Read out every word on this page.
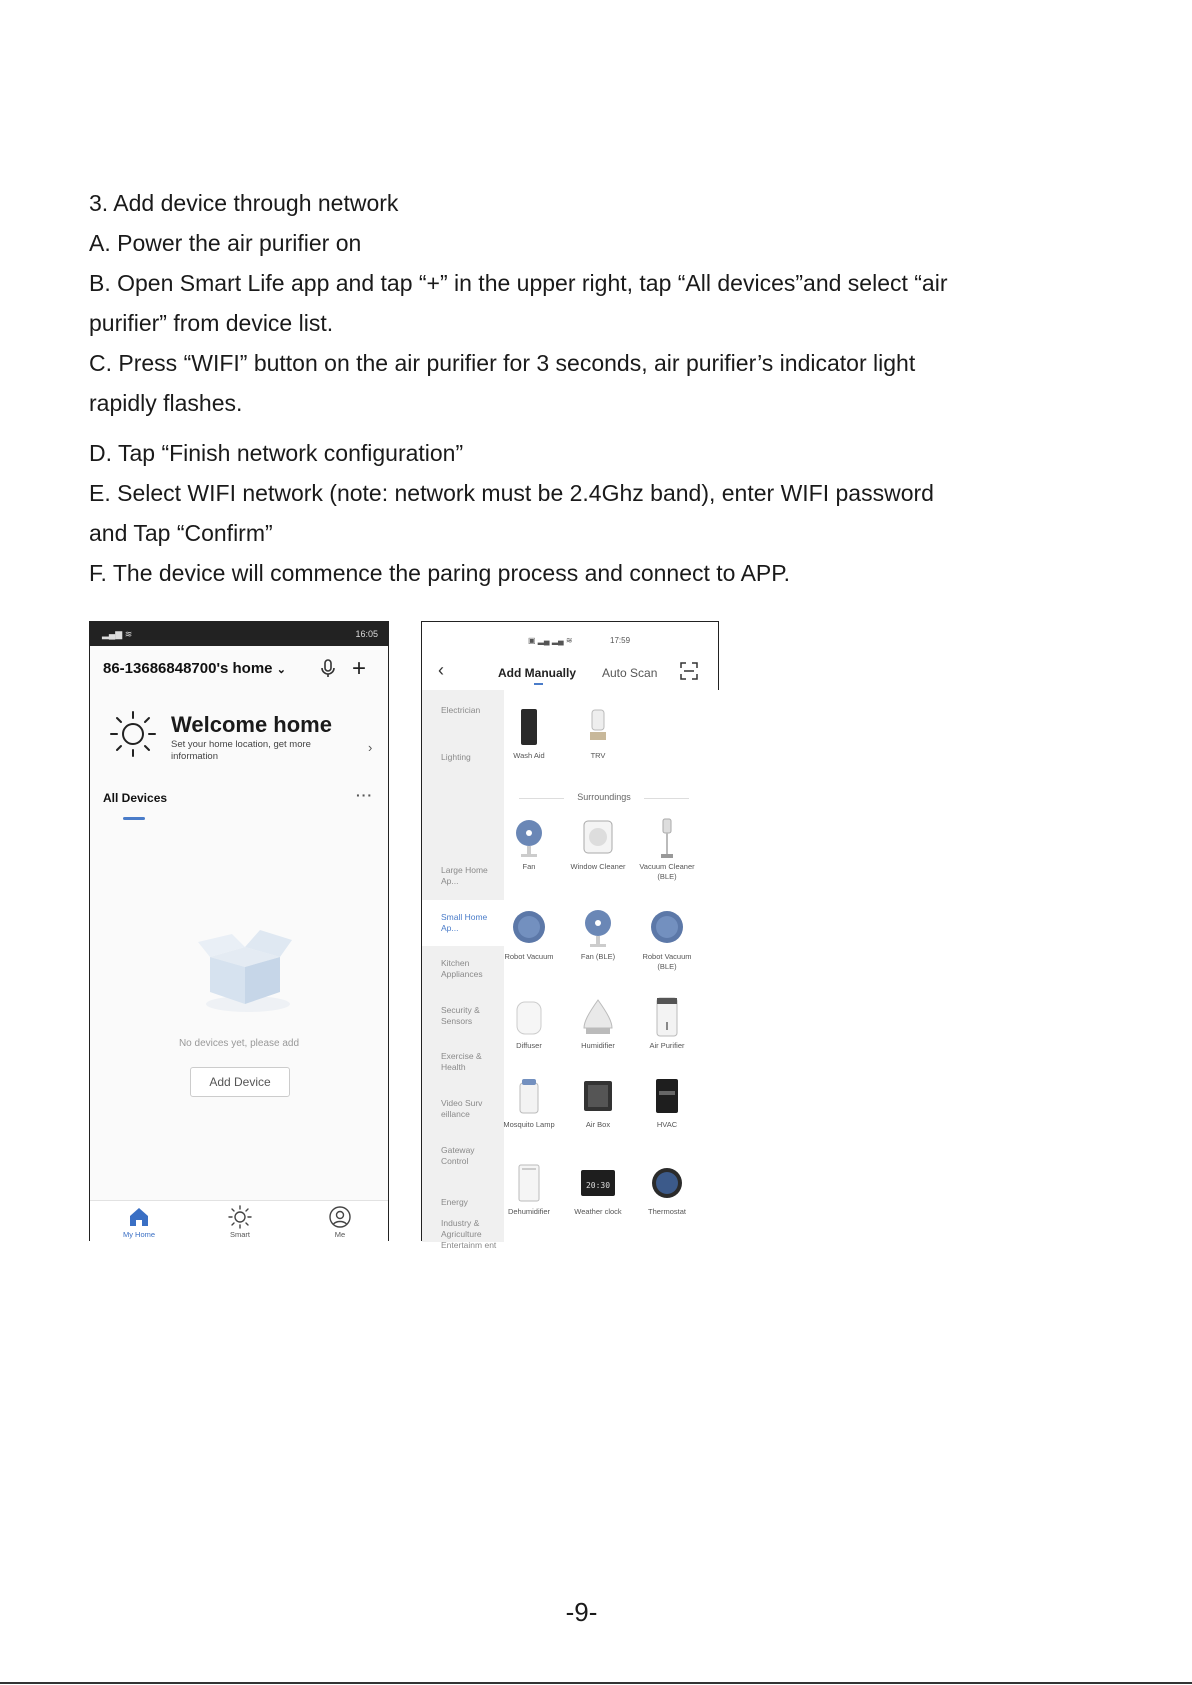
3. Add device through network

A. Power the air purifier on

B. Open Smart Life app and tap “+” in the upper right, tap “All devices”and select “air

purifier” from device list.

C. Press “WIFI” button on the air purifier for 3 seconds, air purifier’s indicator light

rapidly flashes.

D. Tap “Finish network configuration”

E. Select WIFI network (note: network must be 2.4Ghz band), enter WIFI password

and Tap “Confirm”

F. The device will commence the paring process and connect to APP.

▂▄▆ ≋	16:05
86-13686848700's home ⌄	+
Welcome home
Set your home location, get more information
›
All Devices	···
No devices yet, please add
Add Device
My Home	Smart	Me
▣ ▂▄ ▂▄ ≋	17:59
‹	Add Manually Auto Scan
Electrician
Lighting
Large Home Ap...
Small Home Ap...
Kitchen Appliances
Security & Sensors
Exercise & Health
Video Surv eillance
Gateway Control
Energy
Entertainm ent
Industry & Agriculture
Wash Aid	TRV
Surroundings
Fan	Window Cleaner	Vacuum Cleaner (BLE)
Robot Vacuum	Fan (BLE)	Robot Vacuum (BLE)
Diffuser	Humidifier	Air Purifier
Mosquito Lamp	Air Box	HVAC
Dehumidifier
20:30
Weather clock	Thermostat
-9-
